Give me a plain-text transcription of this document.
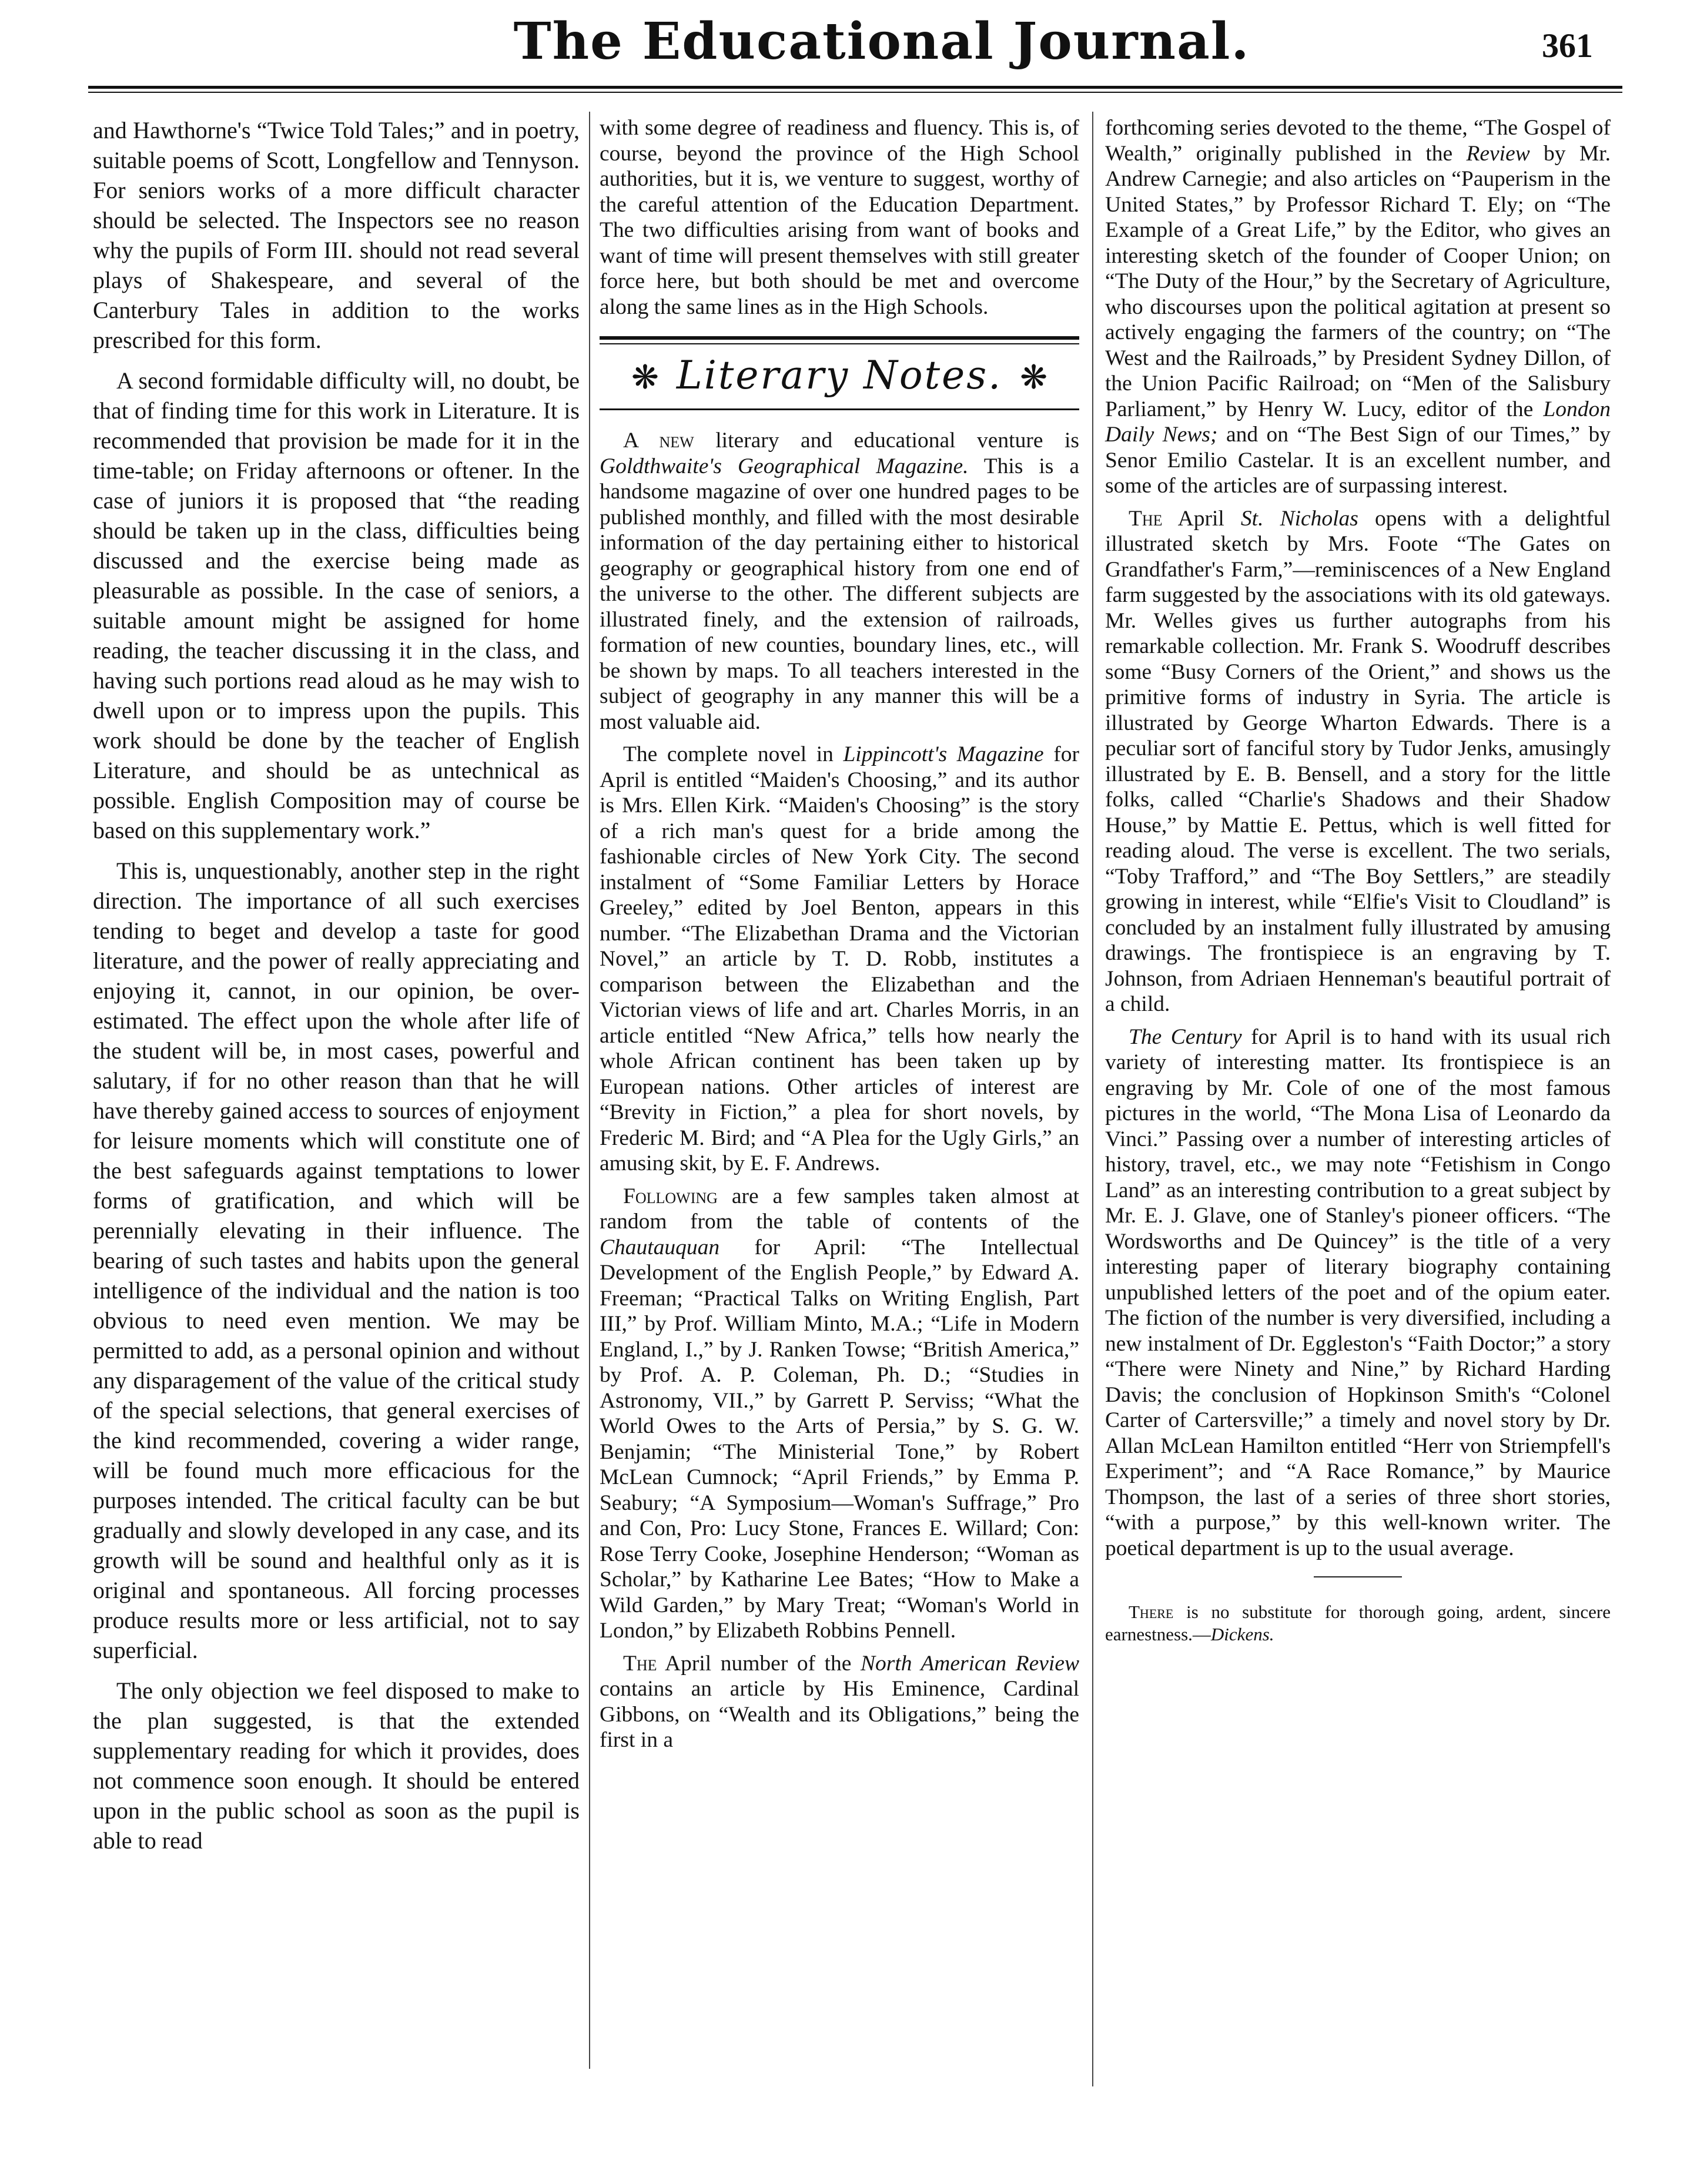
The Educational Journal.	361

and Hawthorne's “Twice Told Tales;” and in poetry, suitable poems of Scott, Longfellow and Tennyson. For seniors works of a more difficult character should be selected. The Inspectors see no reason why the pupils of Form III. should not read several plays of Shakespeare, and several of the Canterbury Tales in addition to the works prescribed for this form.

A second formidable difficulty will, no doubt, be that of finding time for this work in Literature. It is recommended that provision be made for it in the time-table; on Friday afternoons or oftener. In the case of juniors it is proposed that “the reading should be taken up in the class, difficulties being discussed and the exercise being made as pleasurable as possible. In the case of seniors, a suitable amount might be assigned for home reading, the teacher discussing it in the class, and having such portions read aloud as he may wish to dwell upon or to impress upon the pupils. This work should be done by the teacher of English Literature, and should be as untechnical as possible. English Composition may of course be based on this supplementary work.”

This is, unquestionably, another step in the right direction. The importance of all such exercises tending to beget and develop a taste for good literature, and the power of really appreciating and enjoying it, cannot, in our opinion, be over-estimated. The effect upon the whole after life of the student will be, in most cases, powerful and salutary, if for no other reason than that he will have thereby gained access to sources of enjoyment for leisure moments which will constitute one of the best safeguards against temptations to lower forms of gratification, and which will be perennially elevating in their influence. The bearing of such tastes and habits upon the general intelligence of the individual and the nation is too obvious to need even mention. We may be permitted to add, as a personal opinion and without any disparagement of the value of the critical study of the special selections, that general exercises of the kind recommended, covering a wider range, will be found much more efficacious for the purposes intended. The critical faculty can be but gradually and slowly developed in any case, and its growth will be sound and healthful only as it is original and spontaneous. All forcing processes produce results more or less artificial, not to say superficial.

The only objection we feel disposed to make to the plan suggested, is that the extended supplementary reading for which it provides, does not commence soon enough. It should be entered upon in the public school as soon as the pupil is able to read

with some degree of readiness and fluency. This is, of course, beyond the province of the High School authorities, but it is, we venture to suggest, worthy of the careful attention of the Education Department. The two difficulties arising from want of books and want of time will present themselves with still greater force here, but both should be met and overcome along the same lines as in the High Schools.

❋ Literary Notes. ❋

A new literary and educational venture is Goldthwaite's Geographical Magazine. This is a handsome magazine of over one hundred pages to be published monthly, and filled with the most desirable information of the day pertaining either to historical geography or geographical history from one end of the universe to the other. The different subjects are illustrated finely, and the extension of railroads, formation of new counties, boundary lines, etc., will be shown by maps. To all teachers interested in the subject of geography in any manner this will be a most valuable aid.

The complete novel in Lippincott's Magazine for April is entitled “Maiden's Choosing,” and its author is Mrs. Ellen Kirk. “Maiden's Choosing” is the story of a rich man's quest for a bride among the fashionable circles of New York City. The second instalment of “Some Familiar Letters by Horace Greeley,” edited by Joel Benton, appears in this number. “The Elizabethan Drama and the Victorian Novel,” an article by T. D. Robb, institutes a comparison between the Elizabethan and the Victorian views of life and art. Charles Morris, in an article entitled “New Africa,” tells how nearly the whole African continent has been taken up by European nations. Other articles of interest are “Brevity in Fiction,” a plea for short novels, by Frederic M. Bird; and “A Plea for the Ugly Girls,” an amusing skit, by E. F. Andrews.

Following are a few samples taken almost at random from the table of contents of the Chautauquan for April: “The Intellectual Development of the English People,” by Edward A. Freeman; “Practical Talks on Writing English, Part III,” by Prof. William Minto, M.A.; “Life in Modern England, I.,” by J. Ranken Towse; “British America,” by Prof. A. P. Coleman, Ph. D.; “Studies in Astronomy, VII.,” by Garrett P. Serviss; “What the World Owes to the Arts of Persia,” by S. G. W. Benjamin; “The Ministerial Tone,” by Robert McLean Cumnock; “April Friends,” by Emma P. Seabury; “A Symposium—Woman's Suffrage,” Pro and Con, Pro: Lucy Stone, Frances E. Willard; Con: Rose Terry Cooke, Josephine Henderson; “Woman as Scholar,” by Katharine Lee Bates; “How to Make a Wild Garden,” by Mary Treat; “Woman's World in London,” by Elizabeth Robbins Pennell.

The April number of the North American Review contains an article by His Eminence, Cardinal Gibbons, on “Wealth and its Obligations,” being the first in a

forthcoming series devoted to the theme, “The Gospel of Wealth,” originally published in the Review by Mr. Andrew Carnegie; and also articles on “Pauperism in the United States,” by Professor Richard T. Ely; on “The Example of a Great Life,” by the Editor, who gives an interesting sketch of the founder of Cooper Union; on “The Duty of the Hour,” by the Secretary of Agriculture, who discourses upon the political agitation at present so actively engaging the farmers of the country; on “The West and the Railroads,” by President Sydney Dillon, of the Union Pacific Railroad; on “Men of the Salisbury Parliament,” by Henry W. Lucy, editor of the London Daily News; and on “The Best Sign of our Times,” by Senor Emilio Castelar. It is an excellent number, and some of the articles are of surpassing interest.

The April St. Nicholas opens with a delightful illustrated sketch by Mrs. Foote “The Gates on Grandfather's Farm,”—reminiscences of a New England farm suggested by the associations with its old gateways. Mr. Welles gives us further autographs from his remarkable collection. Mr. Frank S. Woodruff describes some “Busy Corners of the Orient,” and shows us the primitive forms of industry in Syria. The article is illustrated by George Wharton Edwards. There is a peculiar sort of fanciful story by Tudor Jenks, amusingly illustrated by E. B. Bensell, and a story for the little folks, called “Charlie's Shadows and their Shadow House,” by Mattie E. Pettus, which is well fitted for reading aloud. The verse is excellent. The two serials, “Toby Trafford,” and “The Boy Settlers,” are steadily growing in interest, while “Elfie's Visit to Cloudland” is concluded by an instalment fully illustrated by amusing drawings. The frontispiece is an engraving by T. Johnson, from Adriaen Henneman's beautiful portrait of a child.

The Century for April is to hand with its usual rich variety of interesting matter. Its frontispiece is an engraving by Mr. Cole of one of the most famous pictures in the world, “The Mona Lisa of Leonardo da Vinci.” Passing over a number of interesting articles of history, travel, etc., we may note “Fetishism in Congo Land” as an interesting contribution to a great subject by Mr. E. J. Glave, one of Stanley's pioneer officers. “The Wordsworths and De Quincey” is the title of a very interesting paper of literary biography containing unpublished letters of the poet and of the opium eater. The fiction of the number is very diversified, including a new instalment of Dr. Eggleston's “Faith Doctor;” a story “There were Ninety and Nine,” by Richard Harding Davis; the conclusion of Hopkinson Smith's “Colonel Carter of Cartersville;” a timely and novel story by Dr. Allan McLean Hamilton entitled “Herr von Striempfell's Experiment”; and “A Race Romance,” by Maurice Thompson, the last of a series of three short stories, “with a purpose,” by this well-known writer. The poetical department is up to the usual average.

There is no substitute for thorough going, ardent, sincere earnestness.—Dickens.
